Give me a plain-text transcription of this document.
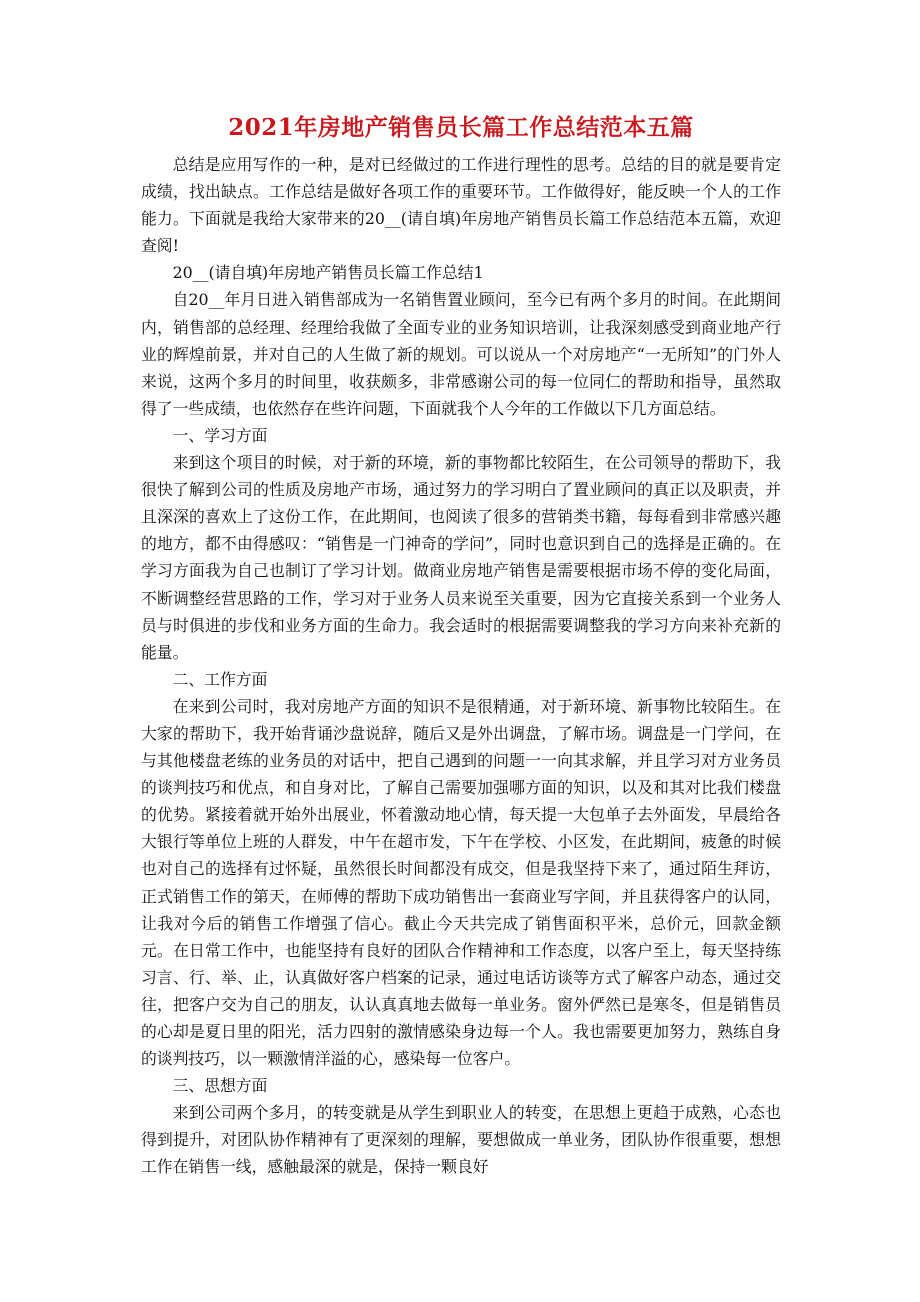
2021年房地产销售员长篇工作总结范本五篇

总结是应用写作的一种，是对已经做过的工作进行理性的思考。总结的目的就是要肯定成绩，找出缺点。工作总结是做好各项工作的重要环节。工作做得好，能反映一个人的工作能力。下面就是我给大家带来的20__(请自填)年房地产销售员长篇工作总结范本五篇，欢迎查阅!

20__(请自填)年房地产销售员长篇工作总结1

自20__年月日进入销售部成为一名销售置业顾问，至今已有两个多月的时间。在此期间内，销售部的总经理、经理给我做了全面专业的业务知识培训，让我深刻感受到商业地产行业的辉煌前景，并对自己的人生做了新的规划。可以说从一个对房地产“一无所知”的门外人来说，这两个多月的时间里，收获颇多，非常感谢公司的每一位同仁的帮助和指导，虽然取得了一些成绩，也依然存在些许问题，下面就我个人今年的工作做以下几方面总结。

一、学习方面

来到这个项目的时候，对于新的环境，新的事物都比较陌生，在公司领导的帮助下，我很快了解到公司的性质及房地产市场，通过努力的学习明白了置业顾问的真正以及职责，并且深深的喜欢上了这份工作，在此期间，也阅读了很多的营销类书籍，每每看到非常感兴趣的地方，都不由得感叹：“销售是一门神奇的学问”，同时也意识到自己的选择是正确的。在学习方面我为自己也制订了学习计划。做商业房地产销售是需要根据市场不停的变化局面，不断调整经营思路的工作，学习对于业务人员来说至关重要，因为它直接关系到一个业务人员与时俱进的步伐和业务方面的生命力。我会适时的根据需要调整我的学习方向来补充新的能量。

二、工作方面

在来到公司时，我对房地产方面的知识不是很精通，对于新环境、新事物比较陌生。在大家的帮助下，我开始背诵沙盘说辞，随后又是外出调盘，了解市场。调盘是一门学问，在与其他楼盘老练的业务员的对话中，把自己遇到的问题一一向其求解，并且学习对方业务员的谈判技巧和优点，和自身对比，了解自己需要加强哪方面的知识，以及和其对比我们楼盘的优势。紧接着就开始外出展业，怀着激动地心情，每天提一大包单子去外面发，早晨给各大银行等单位上班的人群发，中午在超市发，下午在学校、小区发，在此期间，疲惫的时候也对自己的选择有过怀疑，虽然很长时间都没有成交，但是我坚持下来了，通过陌生拜访，正式销售工作的第天，在师傅的帮助下成功销售出一套商业写字间，并且获得客户的认同，让我对今后的销售工作增强了信心。截止今天共完成了销售面积平米，总价元，回款金额元。在日常工作中，也能坚持有良好的团队合作精神和工作态度，以客户至上，每天坚持练习言、行、举、止，认真做好客户档案的记录，通过电话访谈等方式了解客户动态，通过交往，把客户交为自己的朋友，认认真真地去做每一单业务。窗外俨然已是寒冬，但是销售员的心却是夏日里的阳光，活力四射的激情感染身边每一个人。我也需要更加努力，熟练自身的谈判技巧，以一颗激情洋溢的心，感染每一位客户。

三、思想方面

来到公司两个多月，的转变就是从学生到职业人的转变，在思想上更趋于成熟，心态也得到提升，对团队协作精神有了更深刻的理解，要想做成一单业务，团队协作很重要，想想工作在销售一线，感触最深的就是，保持一颗良好
